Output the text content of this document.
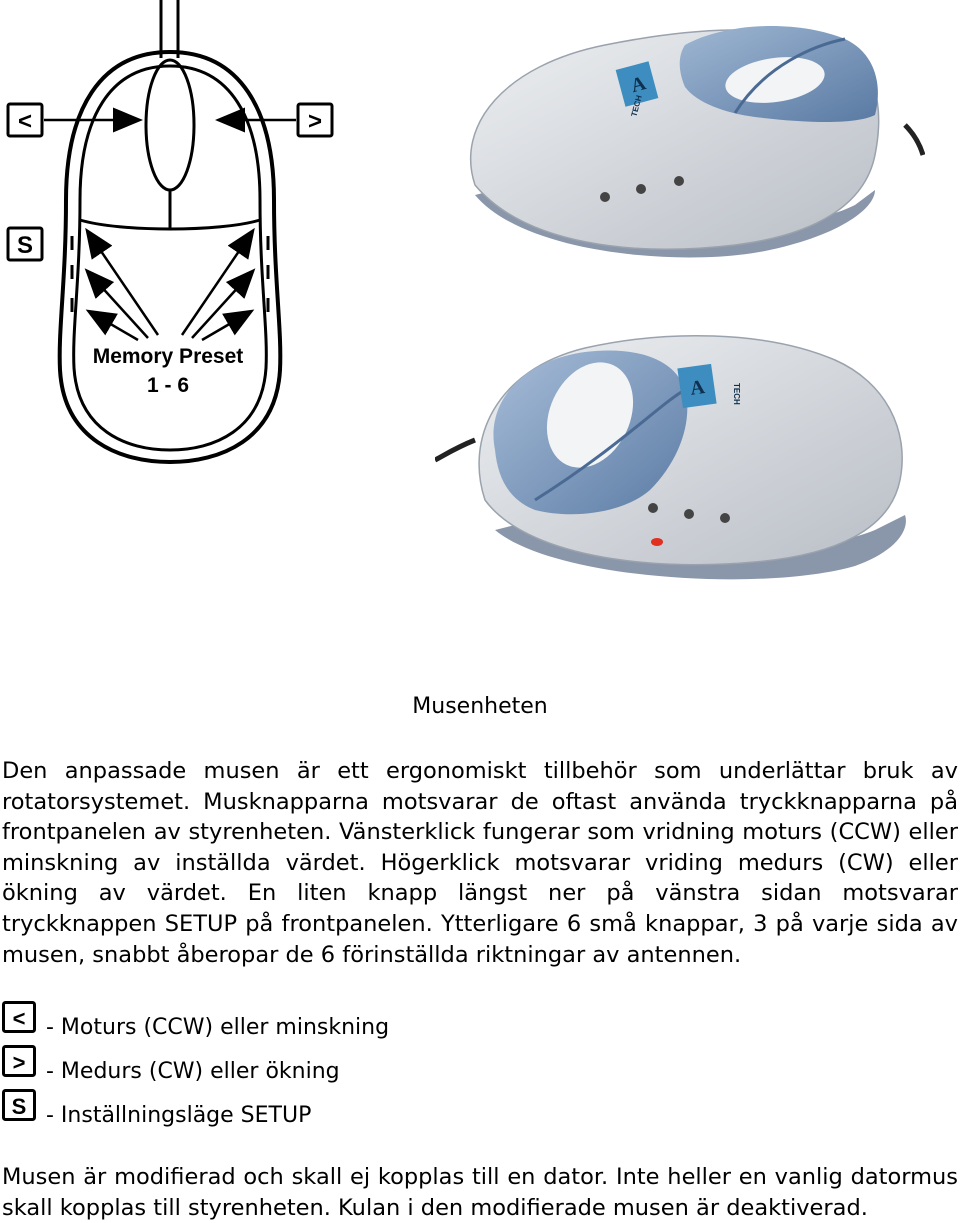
<	>
S
Memory Preset
1 - 6
A
TECH
A	TECH
Musenheten

Den anpassade musen är ett ergonomiskt tillbehör som underlättar bruk av rotatorsystemet. Musknapparna motsvarar de oftast använda tryckknapparna på frontpanelen av styrenheten. Vänsterklick fungerar som vridning moturs (CCW) eller minskning av inställda värdet. Högerklick motsvarar vriding medurs (CW) eller ökning av värdet. En liten knapp längst ner på vänstra sidan motsvarar tryckknappen SETUP på frontpanelen. Ytterligare 6 små knappar, 3 på varje sida av musen, snabbt åberopar de 6 förinställda riktningar av antennen.

< - Moturs (CCW) eller minskning
> - Medurs (CW) eller ökning
S - Inställningsläge SETUP

Musen är modifierad och skall ej kopplas till en dator. Inte heller en vanlig datormus skall kopplas till styrenheten. Kulan i den modifierade musen är deaktiverad.
